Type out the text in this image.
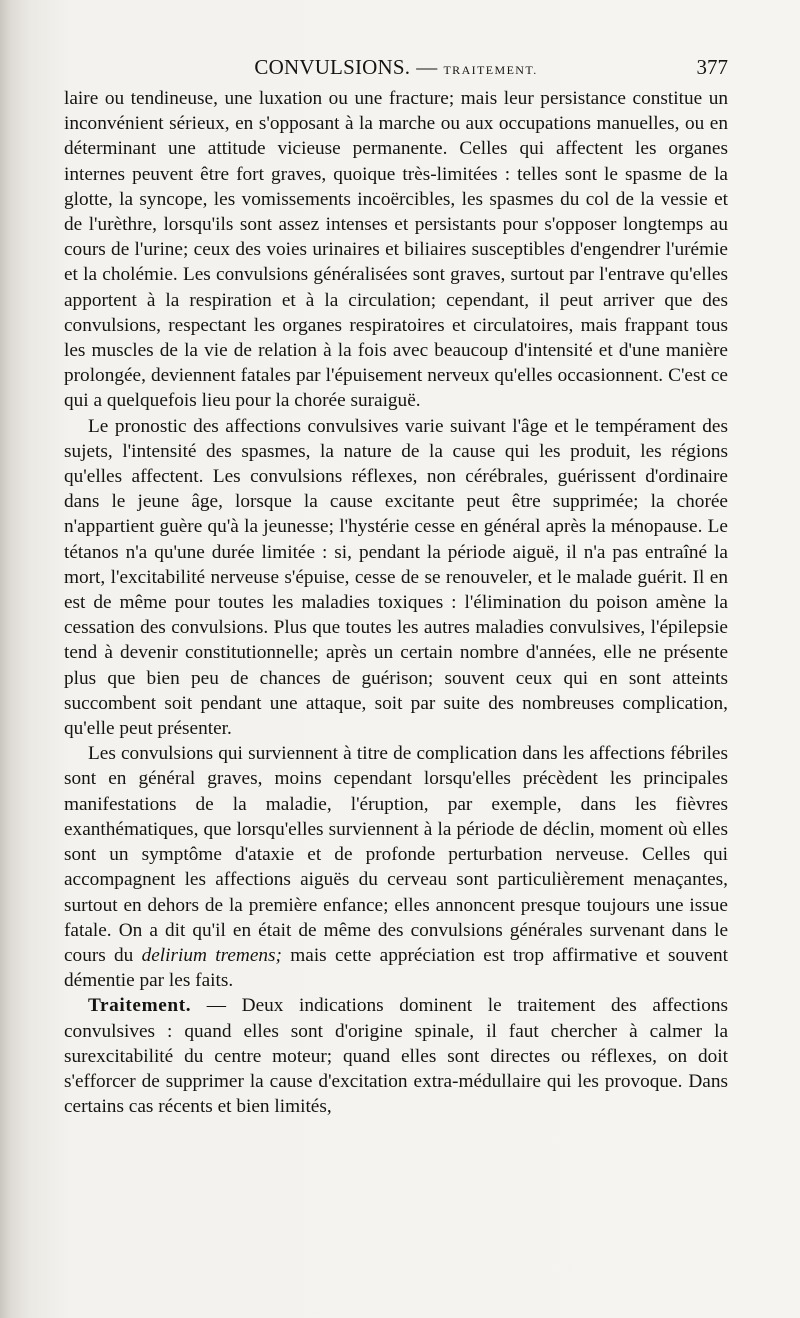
CONVULSIONS. — TRAITEMENT.	377

laire ou tendineuse, une luxation ou une fracture; mais leur persistance constitue un inconvénient sérieux, en s'opposant à la marche ou aux occupations manuelles, ou en déterminant une attitude vicieuse permanente. Celles qui affectent les organes internes peuvent être fort graves, quoique très-limitées : telles sont le spasme de la glotte, la syncope, les vomissements incoërcibles, les spasmes du col de la vessie et de l'urèthre, lorsqu'ils sont assez intenses et persistants pour s'opposer longtemps au cours de l'urine; ceux des voies urinaires et biliaires susceptibles d'engendrer l'urémie et la cholémie. Les convulsions généralisées sont graves, surtout par l'entrave qu'elles apportent à la respiration et à la circulation; cependant, il peut arriver que des convulsions, respectant les organes respiratoires et circulatoires, mais frappant tous les muscles de la vie de relation à la fois avec beaucoup d'intensité et d'une manière prolongée, deviennent fatales par l'épuisement nerveux qu'elles occasionnent. C'est ce qui a quelquefois lieu pour la chorée suraiguë.

Le pronostic des affections convulsives varie suivant l'âge et le tempérament des sujets, l'intensité des spasmes, la nature de la cause qui les produit, les régions qu'elles affectent. Les convulsions réflexes, non cérébrales, guérissent d'ordinaire dans le jeune âge, lorsque la cause excitante peut être supprimée; la chorée n'appartient guère qu'à la jeunesse; l'hystérie cesse en général après la ménopause. Le tétanos n'a qu'une durée limitée : si, pendant la période aiguë, il n'a pas entraîné la mort, l'excitabilité nerveuse s'épuise, cesse de se renouveler, et le malade guérit. Il en est de même pour toutes les maladies toxiques : l'élimination du poison amène la cessation des convulsions. Plus que toutes les autres maladies convulsives, l'épilepsie tend à devenir constitutionnelle; après un certain nombre d'années, elle ne présente plus que bien peu de chances de guérison; souvent ceux qui en sont atteints succombent soit pendant une attaque, soit par suite des nombreuses complication, qu'elle peut présenter.

Les convulsions qui surviennent à titre de complication dans les affections fébriles sont en général graves, moins cependant lorsqu'elles précèdent les principales manifestations de la maladie, l'éruption, par exemple, dans les fièvres exanthématiques, que lorsqu'elles surviennent à la période de déclin, moment où elles sont un symptôme d'ataxie et de profonde perturbation nerveuse. Celles qui accompagnent les affections aiguës du cerveau sont particulièrement menaçantes, surtout en dehors de la première enfance; elles annoncent presque toujours une issue fatale. On a dit qu'il en était de même des convulsions générales survenant dans le cours du delirium tremens; mais cette appréciation est trop affirmative et souvent démentie par les faits.

Traitement. — Deux indications dominent le traitement des affections convulsives : quand elles sont d'origine spinale, il faut chercher à calmer la surexcitabilité du centre moteur; quand elles sont directes ou réflexes, on doit s'efforcer de supprimer la cause d'excitation extra-médullaire qui les provoque. Dans certains cas récents et bien limités,
